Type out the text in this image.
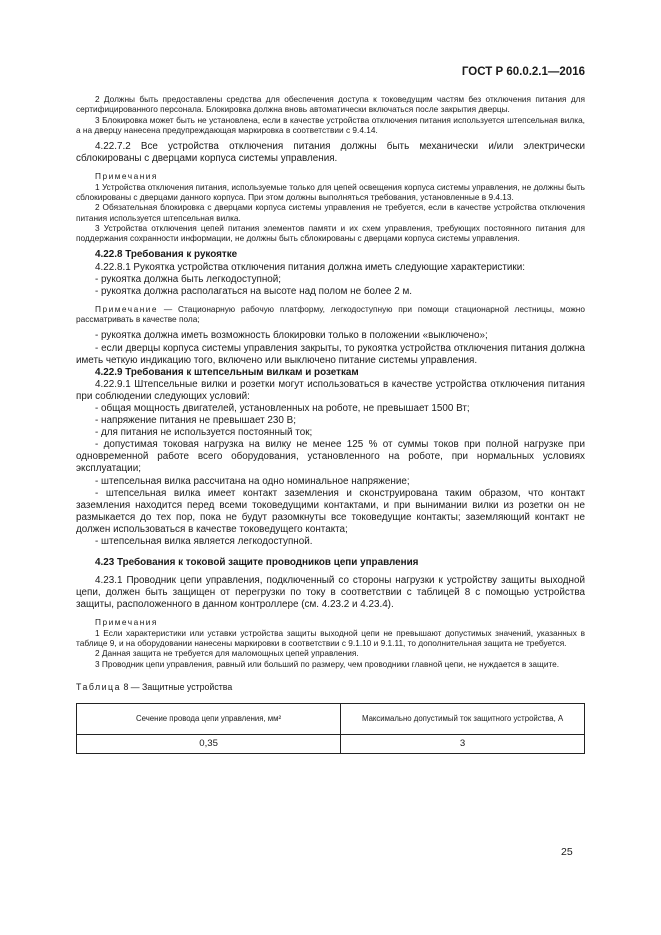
ГОСТ Р 60.0.2.1—2016

2 Должны быть предоставлены средства для обеспечения доступа к токоведущим частям без отключения питания для сертифицированного персонала. Блокировка должна вновь автоматически включаться после закрытия дверцы.

3 Блокировка может быть не установлена, если в качестве устройства отключения питания используется штепсельная вилка, а на дверцу нанесена предупреждающая маркировка в соответствии с 9.4.14.

4.22.7.2 Все устройства отключения питания должны быть механически и/или электрически сблокированы с дверцами корпуса системы управления.

Примечания

1 Устройства отключения питания, используемые только для цепей освещения корпуса системы управления, не должны быть сблокированы с дверцами данного корпуса. При этом должны выполняться требования, установленные в 9.4.13.

2 Обязательная блокировка с дверцами корпуса системы управления не требуется, если в качестве устройства отключения питания используется штепсельная вилка.

3 Устройства отключения цепей питания элементов памяти и их схем управления, требующих постоянного питания для поддержания сохранности информации, не должны быть сблокированы с дверцами корпуса системы управления.

4.22.8 Требования к рукоятке

4.22.8.1 Рукоятка устройства отключения питания должна иметь следующие характеристики:

- рукоятка должна быть легкодоступной;

- рукоятка должна располагаться на высоте над полом не более 2 м.

Примечание — Стационарную рабочую платформу, легкодоступную при помощи стационарной лестницы, можно рассматривать в качестве пола;

- рукоятка должна иметь возможность блокировки только в положении «выключено»;

- если дверцы корпуса системы управления закрыты, то рукоятка устройства отключения питания должна иметь четкую индикацию того, включено или выключено питание системы управления.

4.22.9 Требования к штепсельным вилкам и розеткам

4.22.9.1 Штепсельные вилки и розетки могут использоваться в качестве устройства отключения питания при соблюдении следующих условий:

- общая мощность двигателей, установленных на роботе, не превышает 1500 Вт;

- напряжение питания не превышает 230 В;

- для питания не используется постоянный ток;

- допустимая токовая нагрузка на вилку не менее 125 % от суммы токов при полной нагрузке при одновременной работе всего оборудования, установленного на роботе, при нормальных условиях эксплуатации;

- штепсельная вилка рассчитана на одно номинальное напряжение;

- штепсельная вилка имеет контакт заземления и сконструирована таким образом, что контакт заземления находится перед всеми токоведущими контактами, и при вынимании вилки из розетки он не размыкается до тех пор, пока не будут разомкнуты все токоведущие контакты; заземляющий контакт не должен использоваться в качестве токоведущего контакта;

- штепсельная вилка является легкодоступной.

4.23 Требования к токовой защите проводников цепи управления

4.23.1 Проводник цепи управления, подключенный со стороны нагрузки к устройству защиты выходной цепи, должен быть защищен от перегрузки по току в соответствии с таблицей 8 с помощью устройства защиты, расположенного в данном контроллере (см. 4.23.2 и 4.23.4).

Примечания

1 Если характеристики или уставки устройства защиты выходной цепи не превышают допустимых значений, указанных в таблице 9, и на оборудовании нанесены маркировки в соответствии с 9.1.10 и 9.1.11, то дополнительная защита не требуется.

2 Данная защита не требуется для маломощных цепей управления.

3 Проводник цепи управления, равный или больший по размеру, чем проводники главной цепи, не нуждается в защите.

Таблица 8 — Защитные устройства

Сечение провода цепи управления, мм²	Максимально допустимый ток защитного устройства, А
0,35	3
25
